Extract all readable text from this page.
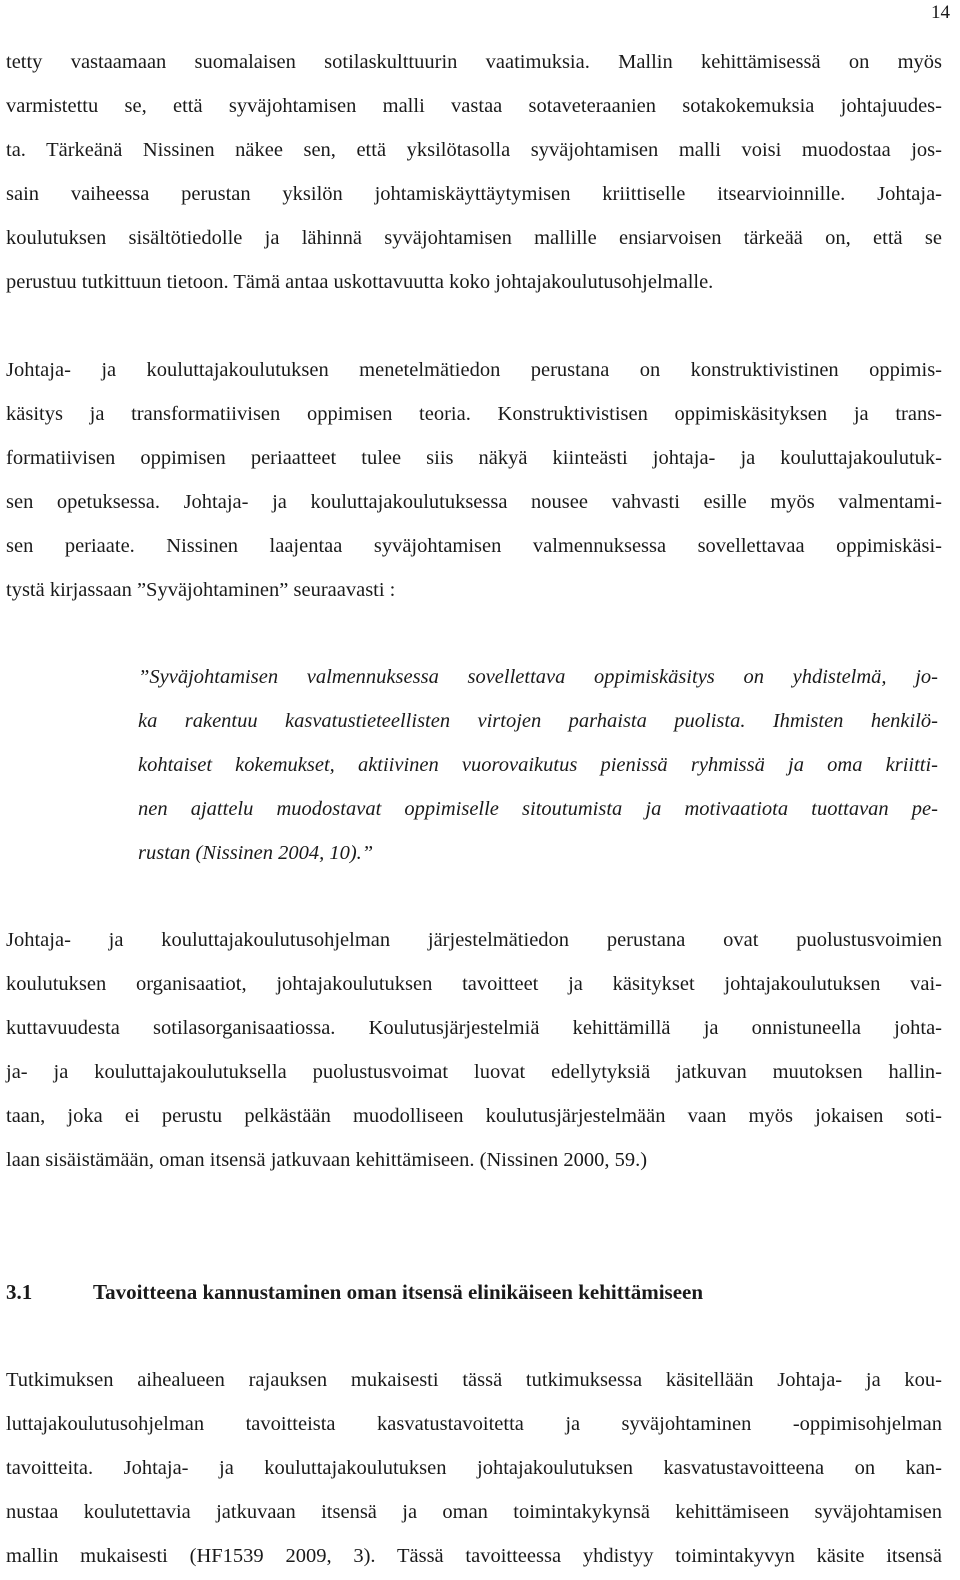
14
tetty vastaamaan suomalaisen sotilaskulttuurin vaatimuksia. Mallin kehittämisessä on myös
varmistettu se, että syväjohtamisen malli vastaa sotaveteraanien sotakokemuksia johtajuudes-
ta. Tärkeänä Nissinen näkee sen, että yksilötasolla syväjohtamisen malli voisi muodostaa jos-
sain vaiheessa perustan yksilön johtamiskäyttäytymisen kriittiselle itsearvioinnille. Johtaja-
koulutuksen sisältötiedolle ja lähinnä syväjohtamisen mallille ensiarvoisen tärkeää on, että se
perustuu tutkittuun tietoon. Tämä antaa uskottavuutta koko johtajakoulutusohjelmalle.
Johtaja- ja kouluttajakoulutuksen menetelmätiedon perustana on konstruktivistinen oppimis-
käsitys ja transformatiivisen oppimisen teoria. Konstruktivistisen oppimiskäsityksen ja trans-
formatiivisen oppimisen periaatteet tulee siis näkyä kiinteästi johtaja- ja kouluttajakoulutuk-
sen opetuksessa. Johtaja- ja kouluttajakoulutuksessa nousee vahvasti esille myös valmentami-
sen periaate. Nissinen laajentaa syväjohtamisen valmennuksessa sovellettavaa oppimiskäsi-
tystä kirjassaan ”Syväjohtaminen” seuraavasti :
”Syväjohtamisen valmennuksessa sovellettava oppimiskäsitys on yhdistelmä, jo-
ka rakentuu kasvatustieteellisten virtojen parhaista puolista. Ihmisten henkilö-
kohtaiset kokemukset, aktiivinen vuorovaikutus pienissä ryhmissä ja oma kriitti-
nen ajattelu muodostavat oppimiselle sitoutumista ja motivaatiota tuottavan pe-
rustan (Nissinen 2004, 10).”
Johtaja- ja kouluttajakoulutusohjelman järjestelmätiedon perustana ovat puolustusvoimien
koulutuksen organisaatiot, johtajakoulutuksen tavoitteet ja käsitykset johtajakoulutuksen vai-
kuttavuudesta sotilasorganisaatiossa. Koulutusjärjestelmiä kehittämillä ja onnistuneella johta-
ja- ja kouluttajakoulutuksella puolustusvoimat luovat edellytyksiä jatkuvan muutoksen hallin-
taan, joka ei perustu pelkästään muodolliseen koulutusjärjestelmään vaan myös jokaisen soti-
laan sisäistämään, oman itsensä jatkuvaan kehittämiseen. (Nissinen 2000, 59.)
3.1	Tavoitteena kannustaminen oman itsensä elinikäiseen kehittämiseen
Tutkimuksen aihealueen rajauksen mukaisesti tässä tutkimuksessa käsitellään Johtaja- ja kou-
luttajakoulutusohjelman tavoitteista kasvatustavoitetta ja syväjohtaminen -oppimisohjelman
tavoitteita. Johtaja- ja kouluttajakoulutuksen johtajakoulutuksen kasvatustavoitteena on kan-
nustaa koulutettavia jatkuvaan itsensä ja oman toimintakykynsä kehittämiseen syväjohtamisen
mallin mukaisesti (HF1539 2009, 3). Tässä tavoitteessa yhdistyy toimintakyvyn käsite itsensä
